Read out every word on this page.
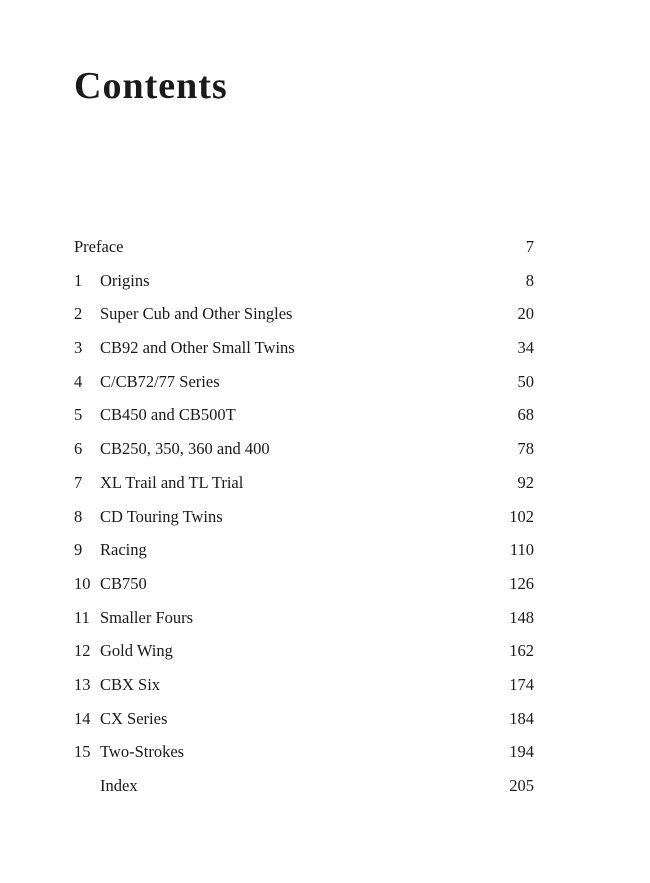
Contents
Preface	7
1 Origins	8
2 Super Cub and Other Singles	20
3 CB92 and Other Small Twins	34
4 C/CB72/77 Series	50
5 CB450 and CB500T	68
6 CB250, 350, 360 and 400	78
7 XL Trail and TL Trial	92
8 CD Touring Twins	102
9 Racing	110
10 CB750	126
11 Smaller Fours	148
12 Gold Wing	162
13 CBX Six	174
14 CX Series	184
15 Two-Strokes	194
Index	205
